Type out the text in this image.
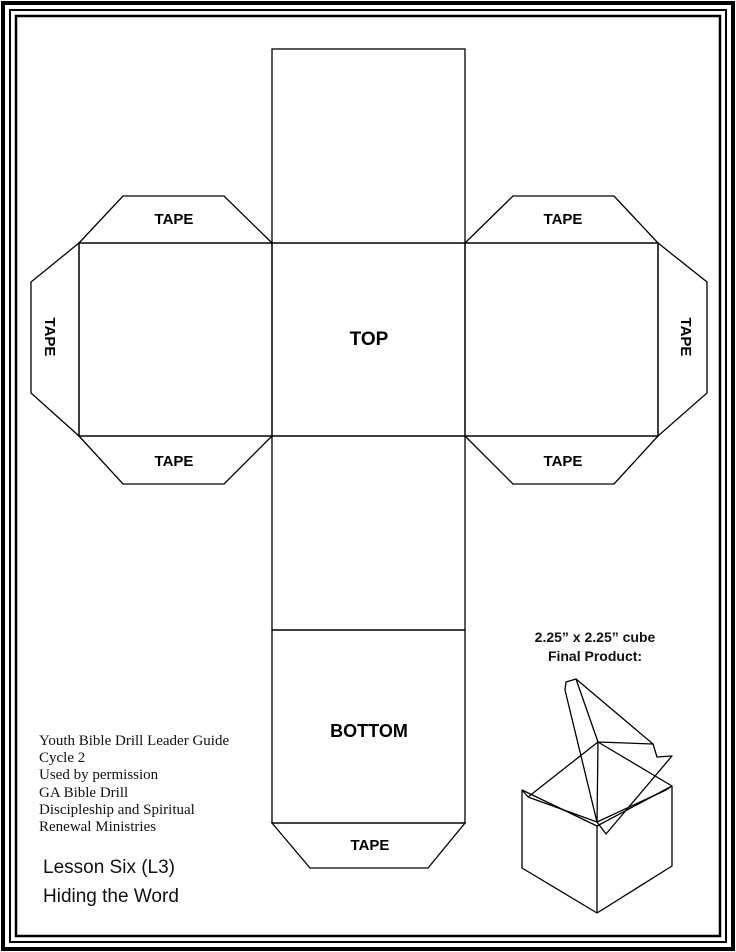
TOP
BOTTOM
TAPE	TAPE
TAPE	TAPE
TAPE
TAPE	TAPE
2.25” x 2.25” cube
Final Product:
Youth Bible Drill Leader Guide
Cycle 2
Used by permission
GA Bible Drill
Discipleship and Spiritual
Renewal Ministries
Lesson Six (L3)
Hiding the Word
